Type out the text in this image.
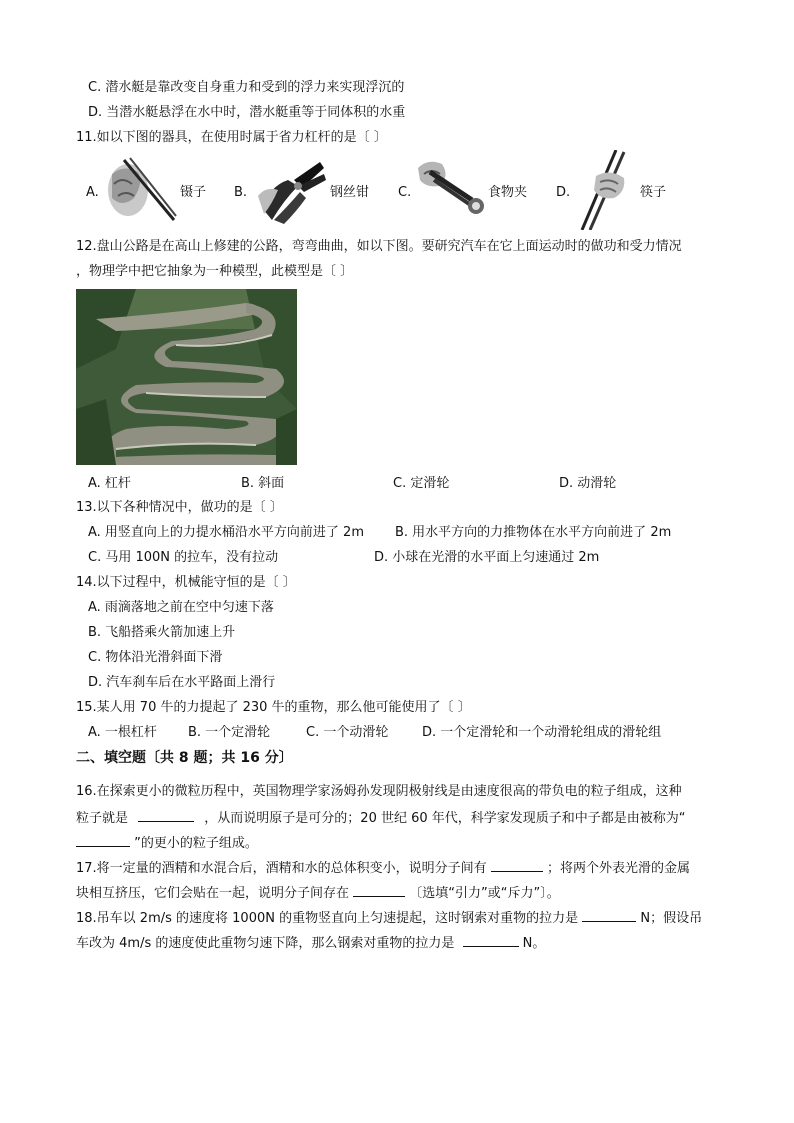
C. 潜水艇是靠改变自身重力和受到的浮力来实现浮沉的
D. 当潜水艇悬浮在水中时，潜水艇重等于同体积的水重
11.如以下图的器具，在使用时属于省力杠杆的是〔 〕
A.	镊子 B.	钢丝钳 C.	食物夹 D.	筷子
12.盘山公路是在高山上修建的公路，弯弯曲曲，如以下图。要研究汽车在它上面运动时的做功和受力情况
，物理学中把它抽象为一种模型，此模型是〔 〕
A. 杠杆	B. 斜面	C. 定滑轮	D. 动滑轮
13.以下各种情况中，做功的是〔 〕
A. 用竖直向上的力提水桶沿水平方向前进了 2m B. 用水平方向的力推物体在水平方向前进了 2m
C. 马用 100N 的拉车，没有拉动	D. 小球在光滑的水平面上匀速通过 2m
14.以下过程中，机械能守恒的是〔 〕
A. 雨滴落地之前在空中匀速下落
B. 飞船搭乘火箭加速上升
C. 物体沿光滑斜面下滑
D. 汽车刹车后在水平路面上滑行
15.某人用 70 牛的力提起了 230 牛的重物，那么他可能使用了〔 〕
A. 一根杠杆 B. 一个定滑轮	C. 一个动滑轮	D. 一个定滑轮和一个动滑轮组成的滑轮组
二、填空题〔共 8 题；共 16 分〕
16.在探索更小的微粒历程中，英国物理学家汤姆孙发现阴极射线是由速度很高的带负电的粒子组成，这种
粒子就是	，从而说明原子是可分的；20 世纪 60 年代，科学家发现质子和中子都是由被称为“
”的更小的粒子组成。
17.将一定量的酒精和水混合后，酒精和水的总体积变小，说明分子间有	；将两个外表光滑的金属
块相互挤压，它们会贴在一起，说明分子间存在	〔选填“引力”或“斥力”〕。
18.吊车以 2m/s 的速度将 1000N 的重物竖直向上匀速提起，这时钢索对重物的拉力是	N；假设吊
车改为 4m/s 的速度使此重物匀速下降，那么钢索对重物的拉力是	N。
